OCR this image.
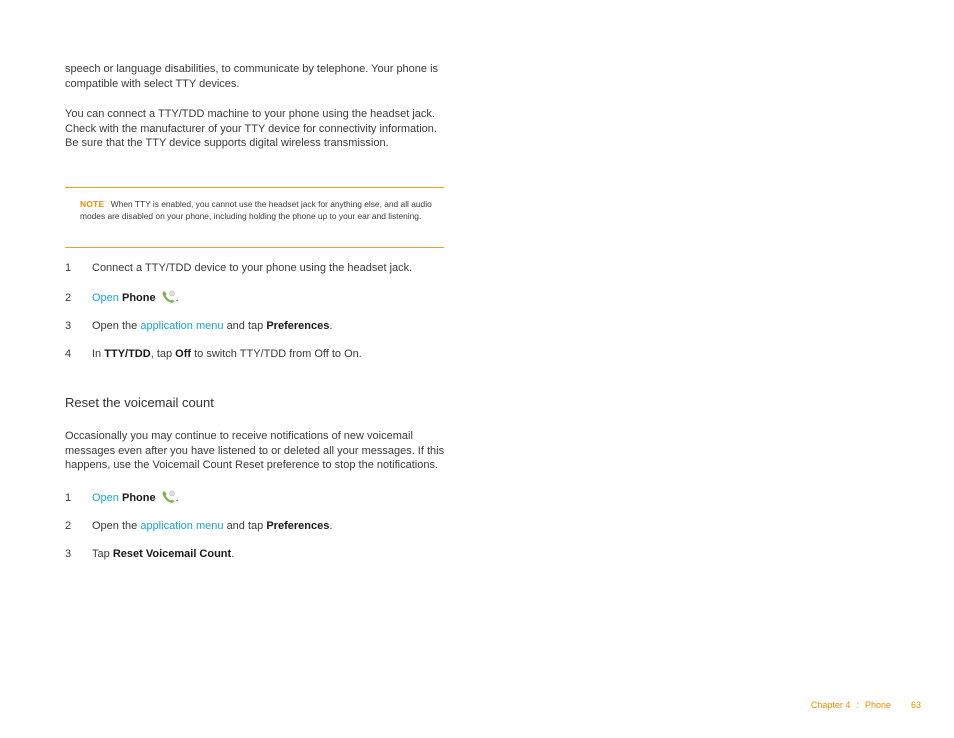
speech or language disabilities, to communicate by telephone. Your phone is compatible with select TTY devices.

You can connect a TTY/TDD machine to your phone using the headset jack. Check with the manufacturer of your TTY device for connectivity information. Be sure that the TTY device supports digital wireless transmission.

NOTE When TTY is enabled, you cannot use the headset jack for anything else, and all audio modes are disabled on your phone, including holding the phone up to your ear and listening.
1 Connect a TTY/TDD device to your phone using the headset jack.
2 Open Phone .
3 Open the application menu and tap Preferences.
4 In TTY/TDD, tap Off to switch TTY/TDD from Off to On.
Reset the voicemail count

Occasionally you may continue to receive notifications of new voicemail messages even after you have listened to or deleted all your messages. If this happens, use the Voicemail Count Reset preference to stop the notifications.

1 Open Phone .
2 Open the application menu and tap Preferences.
3 Tap Reset Voicemail Count.
Chapter 4 : Phone 63
